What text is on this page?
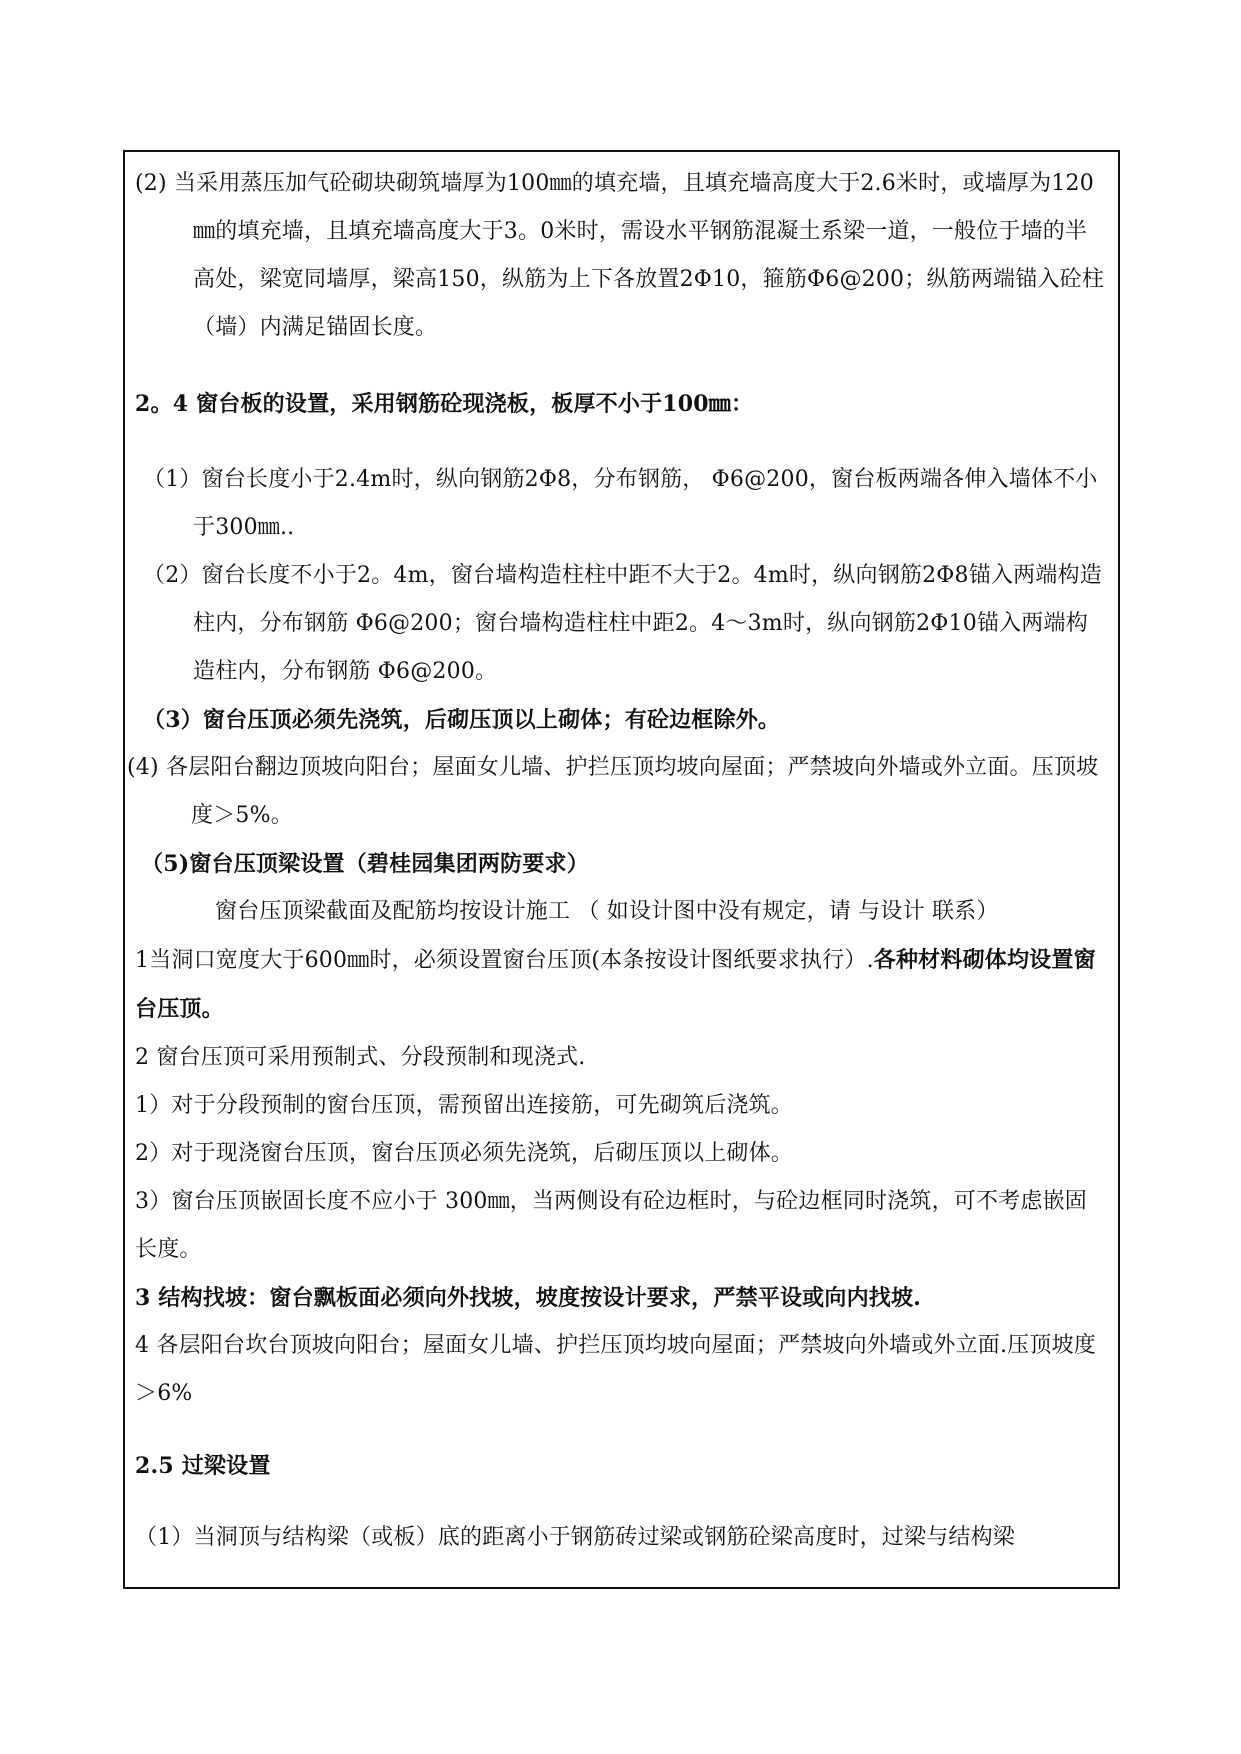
(2) 当采用蒸压加气砼砌块砌筑墙厚为100㎜的填充墙，且填充墙高度大于2.6米时，或墙厚为120㎜的填充墙，且填充墙高度大于3。0米时，需设水平钢筋混凝土系梁一道，一般位于墙的半高处，梁宽同墙厚，梁高150，纵筋为上下各放置2Φ10，箍筋Φ6@200；纵筋两端锚入砼柱（墙）内满足锚固长度。

2。4 窗台板的设置，采用钢筋砼现浇板，板厚不小于100㎜：

（1）窗台长度小于2.4m时，纵向钢筋2Φ8，分布钢筋， Φ6@200，窗台板两端各伸入墙体不小于300㎜..

（2）窗台长度不小于2。4m，窗台墙构造柱柱中距不大于2。4m时，纵向钢筋2Φ8锚入两端构造柱内，分布钢筋 Φ6@200；窗台墙构造柱柱中距2。4～3m时，纵向钢筋2Φ10锚入两端构造柱内，分布钢筋 Φ6@200。

（3）窗台压顶必须先浇筑，后砌压顶以上砌体；有砼边框除外。

(4) 各层阳台翻边顶坡向阳台；屋面女儿墙、护拦压顶均坡向屋面；严禁坡向外墙或外立面。压顶坡度＞5%。

（5)窗台压顶梁设置（碧桂园集团两防要求）

窗台压顶梁截面及配筋均按设计施工 （ 如设计图中没有规定，请 与设计 联系）

1当洞口宽度大于600㎜时，必须设置窗台压顶(本条按设计图纸要求执行）.各种材料砌体均设置窗台压顶。

2 窗台压顶可采用预制式、分段预制和现浇式.

1）对于分段预制的窗台压顶，需预留出连接筋，可先砌筑后浇筑。

2）对于现浇窗台压顶，窗台压顶必须先浇筑，后砌压顶以上砌体。

3）窗台压顶嵌固长度不应小于 300㎜，当两侧设有砼边框时，与砼边框同时浇筑，可不考虑嵌固长度。

3 结构找坡：窗台飘板面必须向外找坡，坡度按设计要求，严禁平设或向内找坡.

4 各层阳台坎台顶坡向阳台；屋面女儿墙、护拦压顶均坡向屋面；严禁坡向外墙或外立面.压顶坡度＞6%

2.5 过梁设置

（1）当洞顶与结构梁（或板）底的距离小于钢筋砖过梁或钢筋砼梁高度时，过梁与结构梁
